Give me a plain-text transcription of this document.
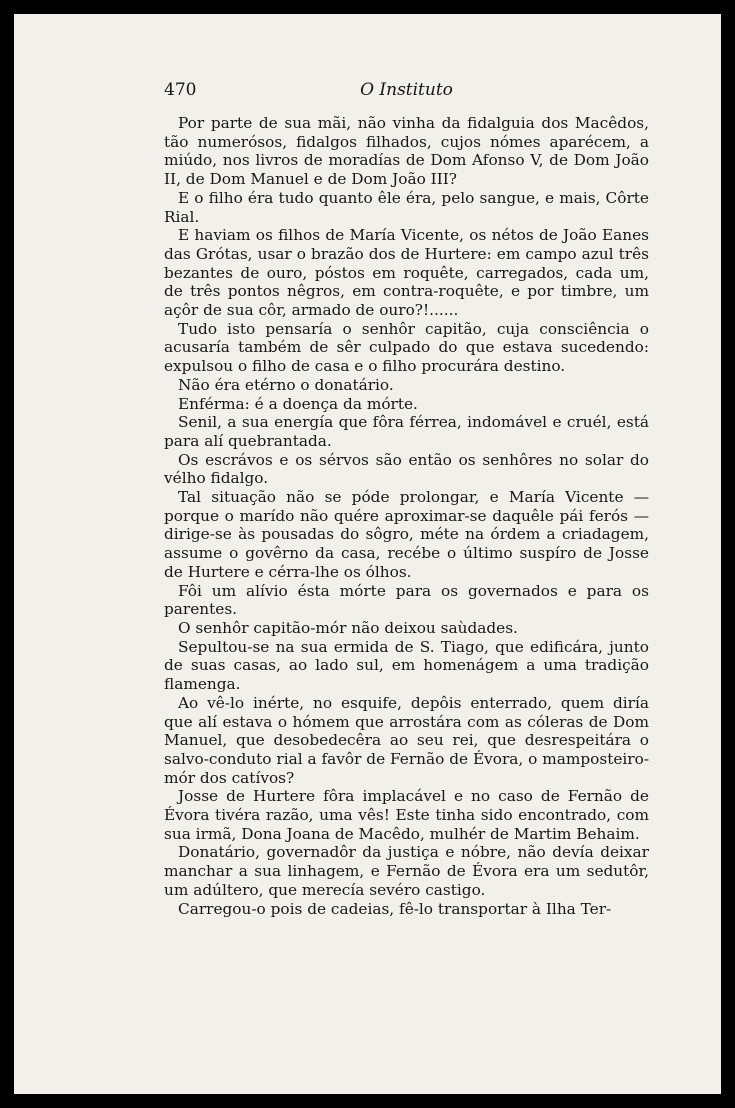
470	O Instituto

Por parte de sua mãi, não vinha da fidalguia dos Macêdos, tão numerósos, fidalgos filhados, cujos nómes aparécem, a miúdo, nos livros de moradías de Dom Afonso V, de Dom João II, de Dom Manuel e de Dom João III?

E o filho éra tudo quanto êle éra, pelo sangue, e mais, Côrte Rial.

E haviam os filhos de María Vicente, os nétos de João Eanes das Grótas, usar o brazão dos de Hurtere: em campo azul três bezantes de ouro, póstos em roquête, carregados, cada um, de três pontos nêgros, em contra-roquête, e por timbre, um açôr de sua côr, armado de ouro?!......

Tudo isto pensaría o senhôr capitão, cuja consciência o acusaría também de sêr culpado do que estava sucedendo: expulsou o filho de casa e o filho procurára destino.

Não éra etérno o donatário.

Enférma: é a doença da mórte.

Senil, a sua energía que fôra férrea, indomável e cruél, está para alí quebrantada.

Os escrávos e os sérvos são então os senhôres no solar do vélho fidalgo.

Tal situação não se póde prolongar, e María Vicente — porque o marído não quére aproximar-se daquêle pái ferós — dirige-se às pousadas do sôgro, méte na órdem a criadagem, assume o govêrno da casa, recébe o último suspíro de Josse de Hurtere e cérra-lhe os ólhos.

Fôi um alívio ésta mórte para os governados e para os parentes.

O senhôr capitão-mór não deixou saùdades.

Sepultou-se na sua ermida de S. Tiago, que edificára, junto de suas casas, ao lado sul, em homenágem a uma tradição flamenga.

Ao vê-lo inérte, no esquife, depôis enterrado, quem diría que alí estava o hómem que arrostára com as cóleras de Dom Manuel, que desobedecêra ao seu rei, que desrespeitára o salvo-conduto rial a favôr de Fernão de Évora, o mamposteiro-mór dos catívos?

Josse de Hurtere fôra implacável e no caso de Fernão de Évora tivéra razão, uma vês! Este tinha sido encontrado, com sua irmã, Dona Joana de Macêdo, mulhér de Martim Behaim.

Donatário, governadôr da justiça e nóbre, não devía deixar manchar a sua linhagem, e Fernão de Évora era um sedutôr, um adúltero, que merecía sevéro castigo.

Carregou-o pois de cadeias, fê-lo transportar à Ilha Ter-
